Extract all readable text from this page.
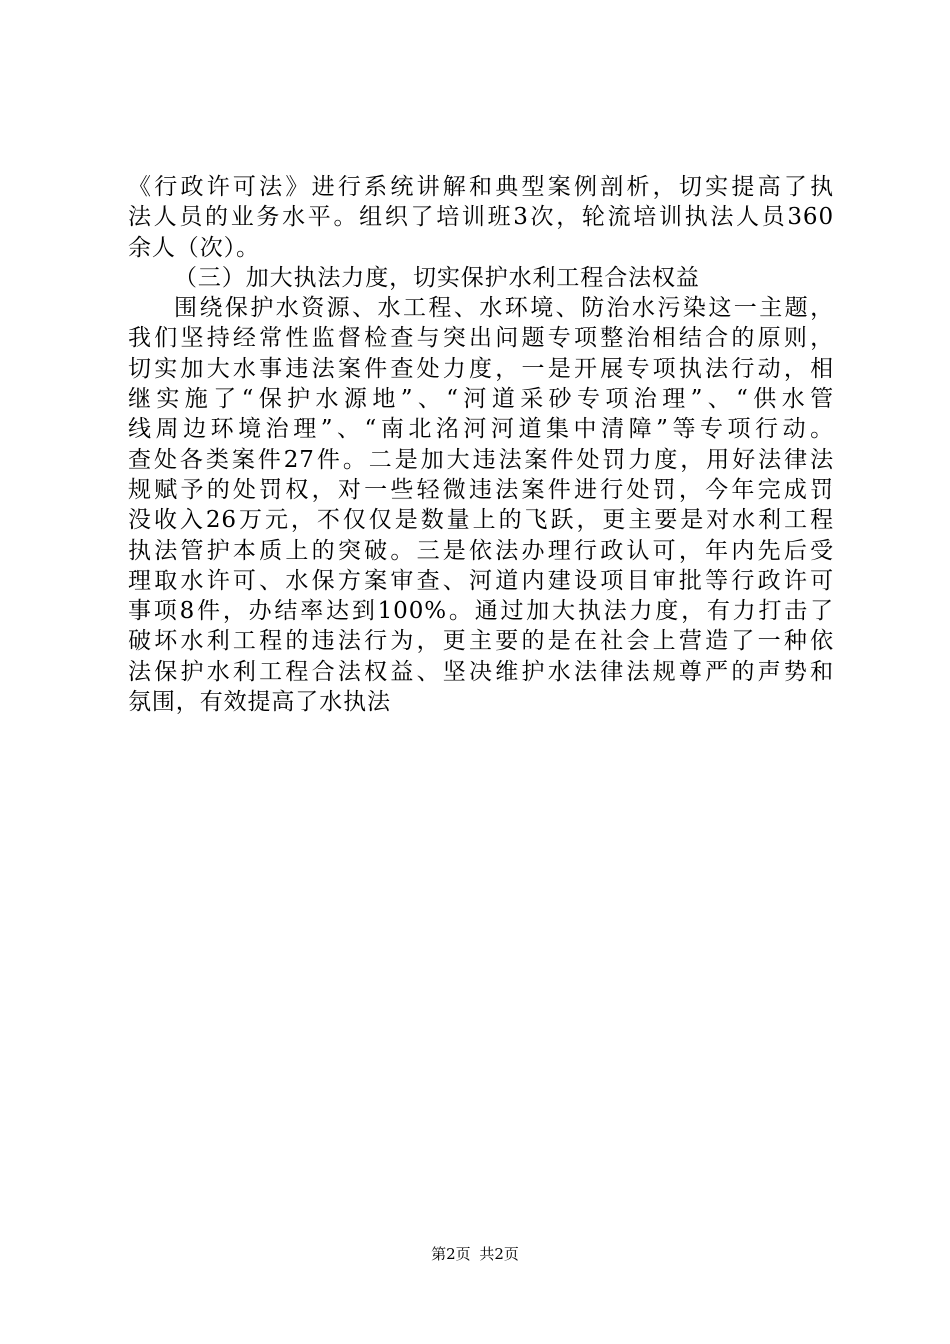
《行政许可法》进行系统讲解和典型案例剖析，切实提高了执
法人员的业务水平。组织了培训班3次，轮流培训执法人员360
余人（次）。
（三）加大执法力度，切实保护水利工程合法权益
围绕保护水资源、水工程、水环境、防治水污染这一主题，
我们坚持经常性监督检查与突出问题专项整治相结合的原则，
切实加大水事违法案件查处力度，一是开展专项执法行动，相
继实施了“保护水源地”、“河道采砂专项治理”、“供水管
线周边环境治理”、“南北洺河河道集中清障”等专项行动。
查处各类案件27件。二是加大违法案件处罚力度，用好法律法
规赋予的处罚权，对一些轻微违法案件进行处罚，今年完成罚
没收入26万元，不仅仅是数量上的飞跃，更主要是对水利工程
执法管护本质上的突破。三是依法办理行政认可，年内先后受
理取水许可、水保方案审查、河道内建设项目审批等行政许可
事项8件，办结率达到100%。通过加大执法力度，有力打击了
破坏水利工程的违法行为，更主要的是在社会上营造了一种依
法保护水利工程合法权益、坚决维护水法律法规尊严的声势和
氛围，有效提高了水执法
第2页 共2页
